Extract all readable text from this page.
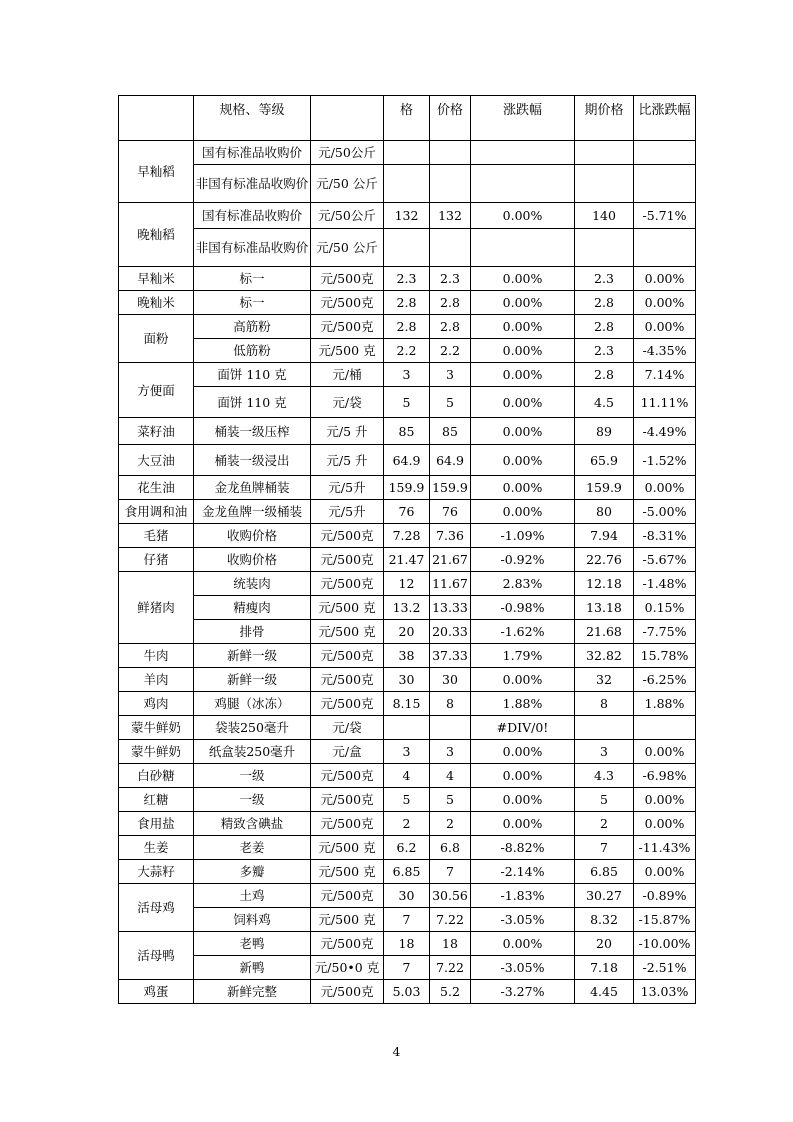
	规格、等级		格	价格	涨跌幅	期价格	比涨跌幅
早籼稻	国有标准品收购价	元/50公斤					
	非国有标准品收购价	元/50 公斤					
晚籼稻	国有标准品收购价	元/50公斤	132	132	0.00%	140	-5.71%
	非国有标准品收购价	元/50 公斤					
早籼米	标一	元/500克	2.3	2.3	0.00%	2.3	0.00%
晚籼米	标一	元/500克	2.8	2.8	0.00%	2.8	0.00%
面粉	高筋粉	元/500克	2.8	2.8	0.00%	2.8	0.00%
	低筋粉	元/500 克	2.2	2.2	0.00%	2.3	-4.35%
方便面	面饼 110 克	元/桶	3	3	0.00%	2.8	7.14%
	面饼 110 克	元/袋	5	5	0.00%	4.5	11.11%
菜籽油	桶装一级压榨	元/5 升	85	85	0.00%	89	-4.49%
大豆油	桶装一级浸出	元/5 升	64.9	64.9	0.00%	65.9	-1.52%
花生油	金龙鱼牌桶装	元/5升	159.9	159.9	0.00%	159.9	0.00%
食用调和油	金龙鱼牌一级桶装	元/5升	76	76	0.00%	80	-5.00%
毛猪	收购价格	元/500克	7.28	7.36	-1.09%	7.94	-8.31%
仔猪	收购价格	元/500克	21.47	21.67	-0.92%	22.76	-5.67%
鲜猪肉	统装肉	元/500克	12	11.67	2.83%	12.18	-1.48%
	精瘦肉	元/500 克	13.2	13.33	-0.98%	13.18	0.15%
	排骨	元/500 克	20	20.33	-1.62%	21.68	-7.75%
牛肉	新鲜一级	元/500克	38	37.33	1.79%	32.82	15.78%
羊肉	新鲜一级	元/500克	30	30	0.00%	32	-6.25%
鸡肉	鸡腿（冰冻）	元/500克	8.15	8	1.88%	8	1.88%
蒙牛鲜奶	袋装250毫升	元/袋			#DIV/0!		
蒙牛鲜奶	纸盒装250毫升	元/盒	3	3	0.00%	3	0.00%
白砂糖	一级	元/500克	4	4	0.00%	4.3	-6.98%
红糖	一级	元/500克	5	5	0.00%	5	0.00%
食用盐	精致含碘盐	元/500克	2	2	0.00%	2	0.00%
生姜	老姜	元/500 克	6.2	6.8	-8.82%	7	-11.43%
大蒜籽	多瓣	元/500 克	6.85	7	-2.14%	6.85	0.00%
活母鸡	土鸡	元/500克	30	30.56	-1.83%	30.27	-0.89%
	饲料鸡	元/500 克	7	7.22	-3.05%	8.32	-15.87%
活母鸭	老鸭	元/500克	18	18	0.00%	20	-10.00%
	新鸭	元/50•0 克	7	7.22	-3.05%	7.18	-2.51%
鸡蛋	新鲜完整	元/500克	5.03	5.2	-3.27%	4.45	13.03%
4
